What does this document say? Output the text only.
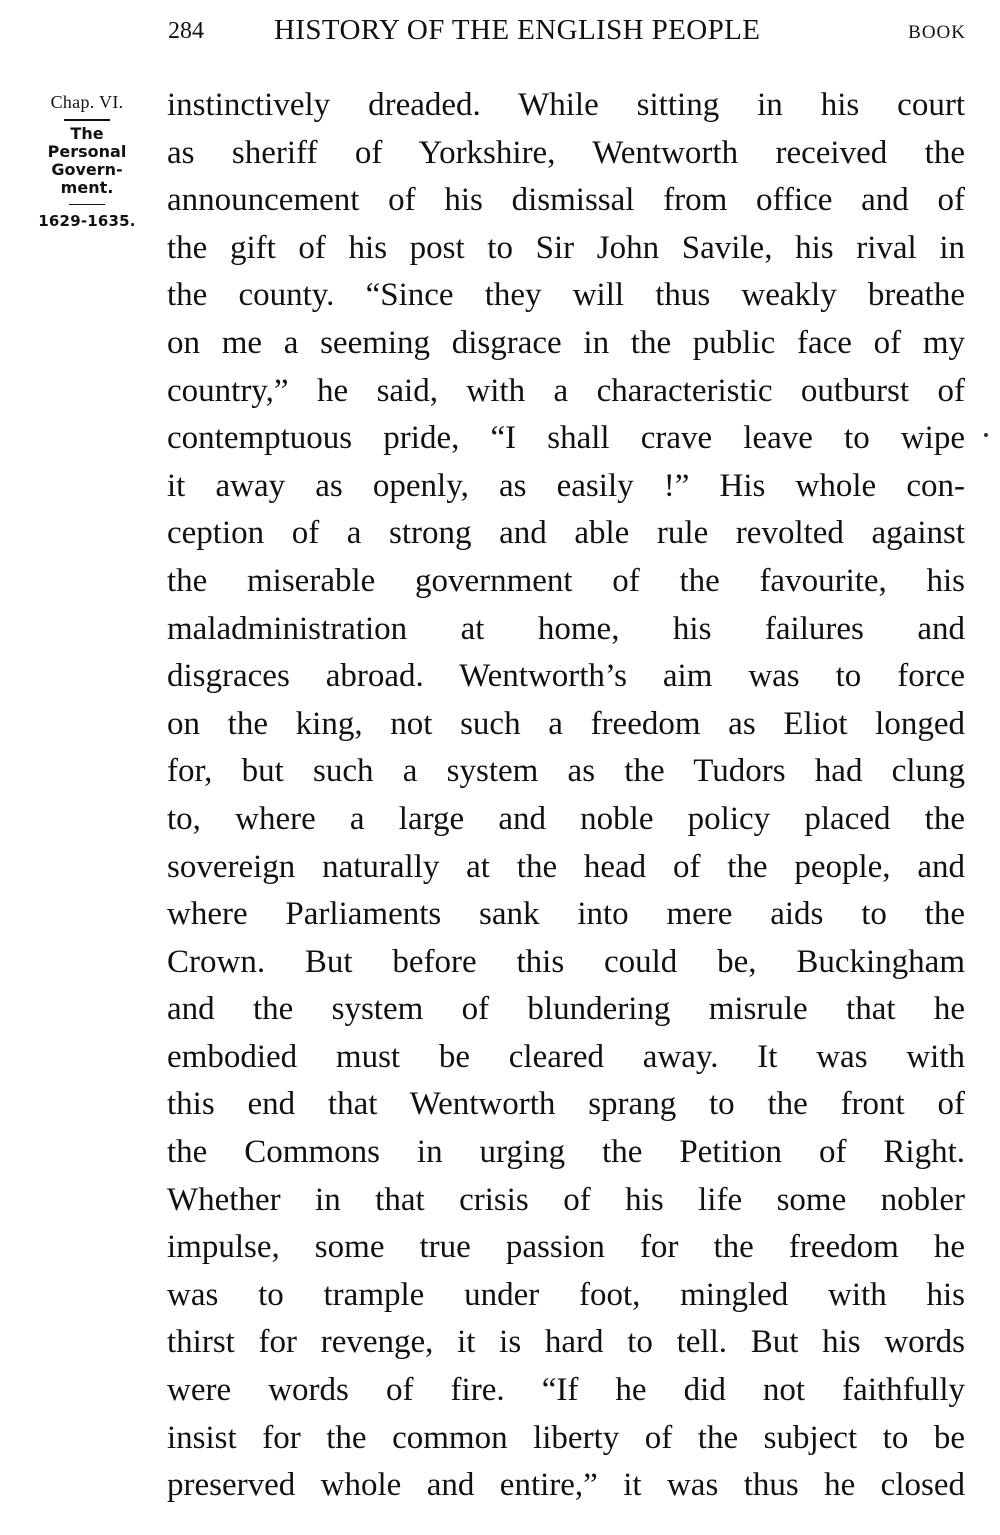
284 HISTORY OF THE ENGLISH PEOPLE	BOOK
Chap. VI.
The
Personal
Govern-
ment.
1629-1635.
instinctively dreaded. While sitting in his court
as sheriff of Yorkshire, Wentworth received the
announcement of his dismissal from office and of
the gift of his post to Sir John Savile, his rival in
the county. “Since they will thus weakly breathe
on me a seeming disgrace in the public face of my
country,” he said, with a characteristic outburst of
contemptuous pride, “I shall crave leave to wipe
it away as openly, as easily !” His whole con-
ception of a strong and able rule revolted against
the miserable government of the favourite, his
maladministration at home, his failures and
disgraces abroad. Wentworth’s aim was to force
on the king, not such a freedom as Eliot longed
for, but such a system as the Tudors had clung
to, where a large and noble policy placed the
sovereign naturally at the head of the people, and
where Parliaments sank into mere aids to the
Crown. But before this could be, Buckingham
and the system of blundering misrule that he
embodied must be cleared away. It was with
this end that Wentworth sprang to the front of
the Commons in urging the Petition of Right.
Whether in that crisis of his life some nobler
impulse, some true passion for the freedom he
was to trample under foot, mingled with his
thirst for revenge, it is hard to tell. But his words
were words of fire. “If he did not faithfully
insist for the common liberty of the subject to be
preserved whole and entire,” it was thus he closed
